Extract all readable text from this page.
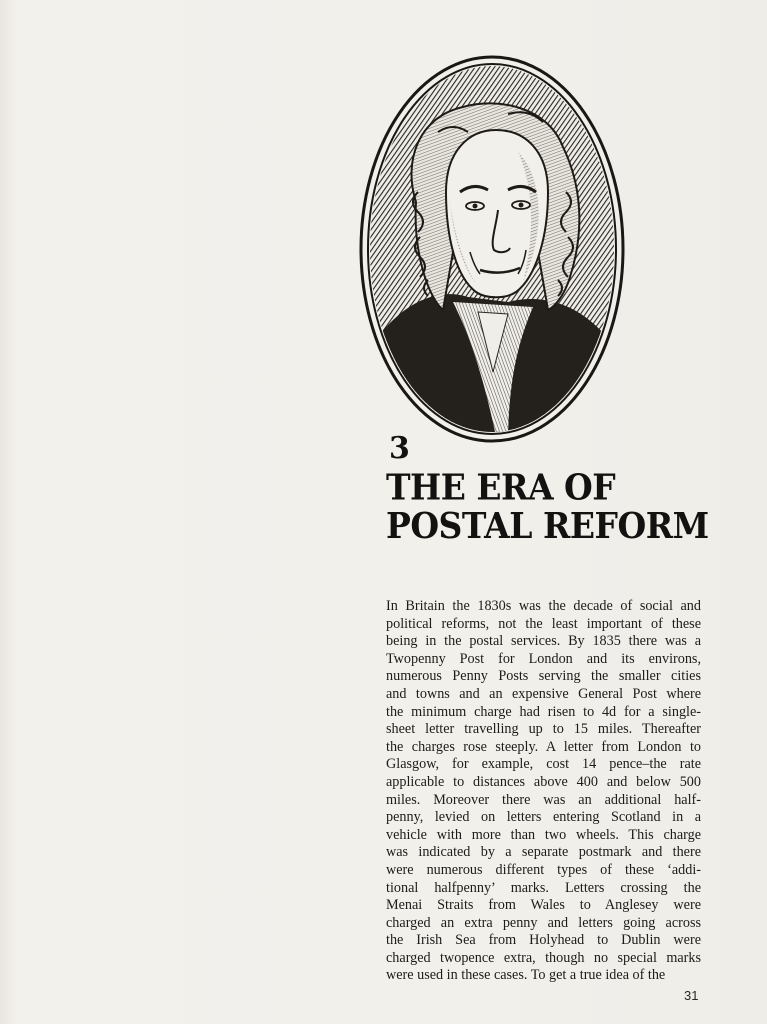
3
THE ERA OF
POSTAL REFORM
In Britain the 1830s was the decade of social and
political reforms, not the least important of these
being in the postal services. By 1835 there was a
Twopenny Post for London and its environs,
numerous Penny Posts serving the smaller cities
and towns and an expensive General Post where
the minimum charge had risen to 4d for a single-
sheet letter travelling up to 15 miles. Thereafter
the charges rose steeply. A letter from London to
Glasgow, for example, cost 14 pence–the rate
applicable to distances above 400 and below 500
miles. Moreover there was an additional half-
penny, levied on letters entering Scotland in a
vehicle with more than two wheels. This charge
was indicated by a separate postmark and there
were numerous different types of these ‘addi-
tional halfpenny’ marks. Letters crossing the
Menai Straits from Wales to Anglesey were
charged an extra penny and letters going across
the Irish Sea from Holyhead to Dublin were
charged twopence extra, though no special marks
were used in these cases. To get a true idea of the
31
